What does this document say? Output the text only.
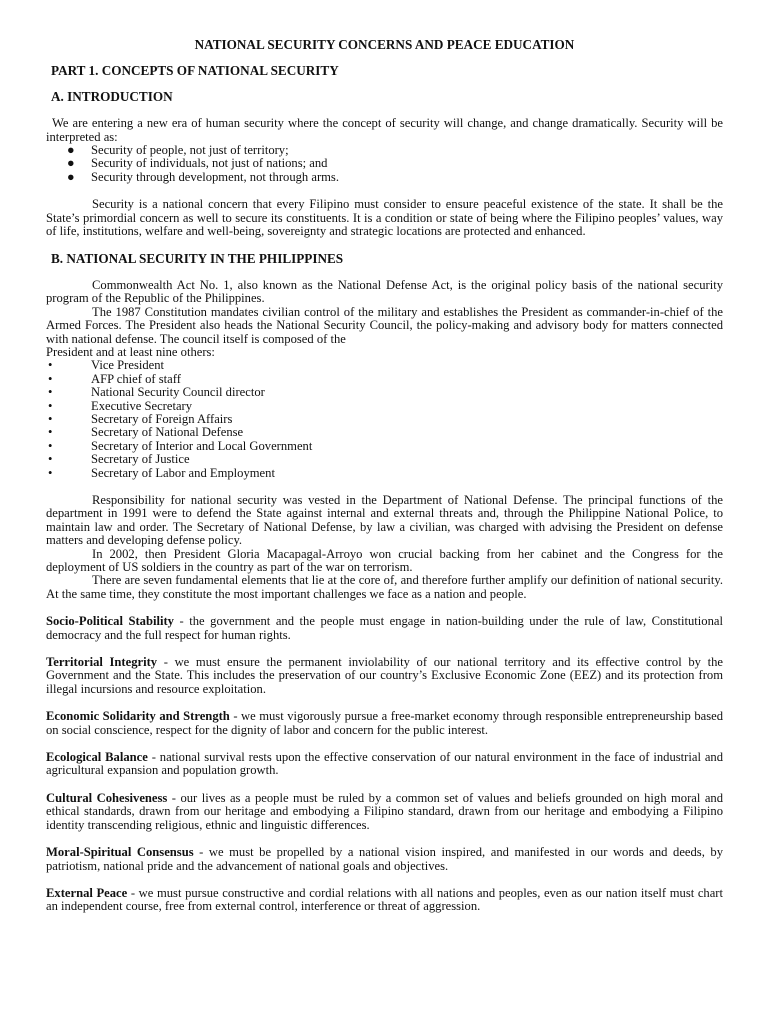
NATIONAL SECURITY CONCERNS AND PEACE EDUCATION
PART 1. CONCEPTS OF NATIONAL SECURITY
A. INTRODUCTION

We are entering a new era of human security where the concept of security will change, and change dramatically. Security will be interpreted as:

● Security of people, not just of territory;
● Security of individuals, not just of nations; and
● Security through development, not through arms.

Security is a national concern that every Filipino must consider to ensure peaceful existence of the state. It shall be the State’s primordial concern as well to secure its constituents. It is a condition or state of being where the Filipino peoples’ values, way of life, institutions, welfare and well-being, sovereignty and strategic locations are protected and enhanced.

B. NATIONAL SECURITY IN THE PHILIPPINES

Commonwealth Act No. 1, also known as the National Defense Act, is the original policy basis of the national security program of the Republic of the Philippines.

The 1987 Constitution mandates civilian control of the military and establishes the President as commander-in-chief of the Armed Forces. The President also heads the National Security Council, the policy-making and advisory body for matters connected with national defense. The council itself is composed of the

President and at least nine others:

•	Vice President
•	AFP chief of staff
•	National Security Council director
•	Executive Secretary
•	Secretary of Foreign Affairs
•	Secretary of National Defense
•	Secretary of Interior and Local Government
•	Secretary of Justice
•	Secretary of Labor and Employment

Responsibility for national security was vested in the Department of National Defense. The principal functions of the department in 1991 were to defend the State against internal and external threats and, through the Philippine National Police, to maintain law and order. The Secretary of National Defense, by law a civilian, was charged with advising the President on defense matters and developing defense policy.

In 2002, then President Gloria Macapagal-Arroyo won crucial backing from her cabinet and the Congress for the deployment of US soldiers in the country as part of the war on terrorism.

There are seven fundamental elements that lie at the core of, and therefore further amplify our definition of national security. At the same time, they constitute the most important challenges we face as a nation and people.

Socio-Political Stability - the government and the people must engage in nation-building under the rule of law, Constitutional democracy and the full respect for human rights.

Territorial Integrity - we must ensure the permanent inviolability of our national territory and its effective control by the Government and the State. This includes the preservation of our country’s Exclusive Economic Zone (EEZ) and its protection from illegal incursions and resource exploitation.

Economic Solidarity and Strength - we must vigorously pursue a free-market economy through responsible entrepreneurship based on social conscience, respect for the dignity of labor and concern for the public interest.

Ecological Balance - national survival rests upon the effective conservation of our natural environment in the face of industrial and agricultural expansion and population growth.

Cultural Cohesiveness - our lives as a people must be ruled by a common set of values and beliefs grounded on high moral and ethical standards, drawn from our heritage and embodying a Filipino standard, drawn from our heritage and embodying a Filipino identity transcending religious, ethnic and linguistic differences.

Moral-Spiritual Consensus - we must be propelled by a national vision inspired, and manifested in our words and deeds, by patriotism, national pride and the advancement of national goals and objectives.

External Peace - we must pursue constructive and cordial relations with all nations and peoples, even as our nation itself must chart an independent course, free from external control, interference or threat of aggression.
